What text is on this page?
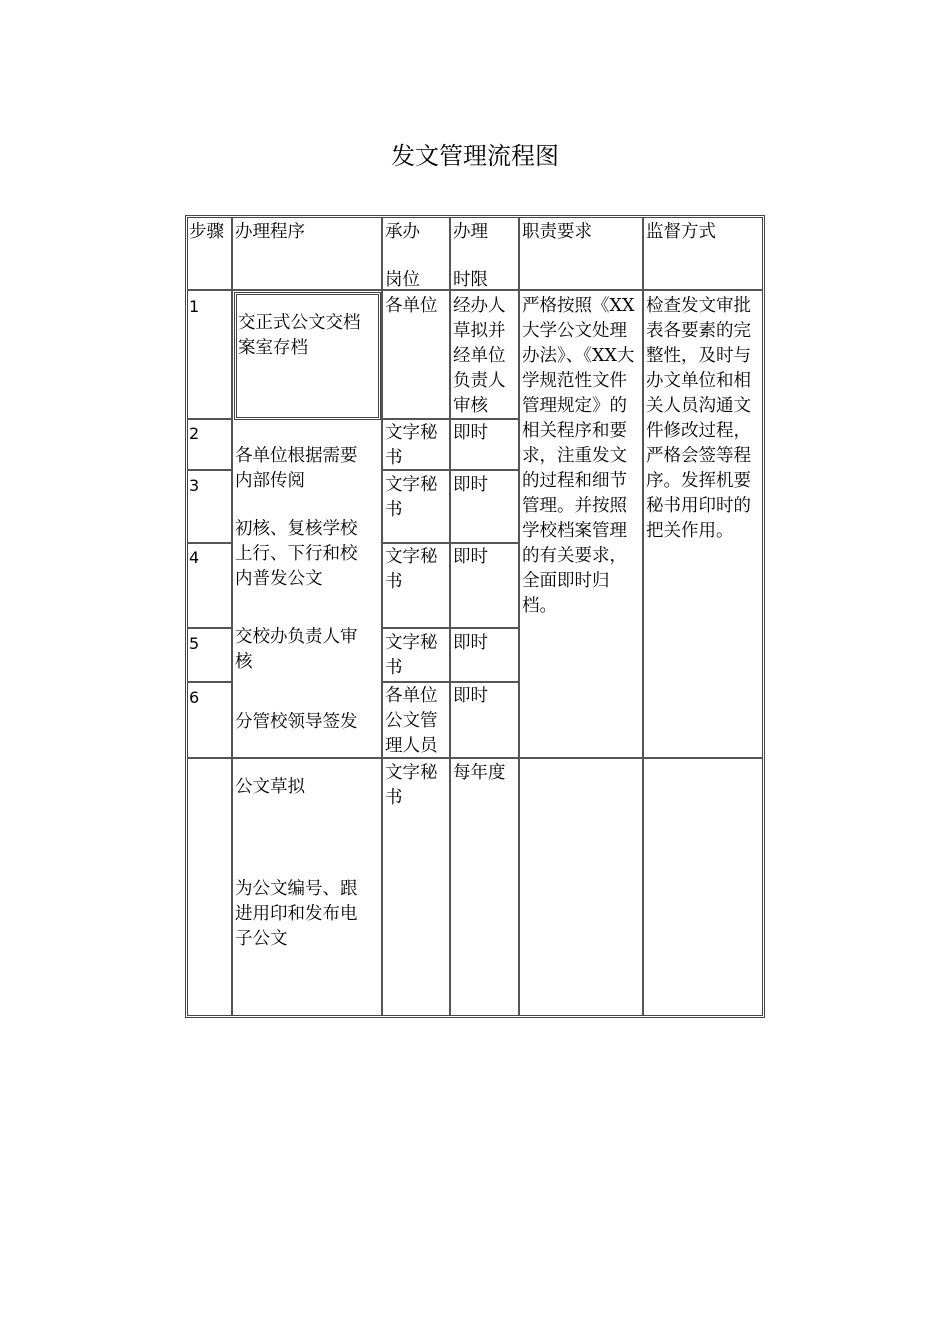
发文管理流程图
步骤 办理程序	承办

岗位
办理

时限
职责要求	监督方式
1
2
3
4
5
6
交正式公文交档案室存档
各单位根据需要内部传阅
初核、复核学校上行、下行和校内普发公文
交校办负责人审核
分管校领导签发
公文草拟
为公文编号、跟进用印和发布电子公文
各单位
文字秘书
文字秘书
文字秘书
文字秘书
各单位公文管理人员
文字秘书
经办人草拟并经单位负责人审核
即时
即时
即时
即时
即时
每年度
严格按照《XX大学公文处理办法》、《XX大学规范性文件管理规定》的相关程序和要求，注重发文的过程和细节管理。并按照学校档案管理的有关要求，全面即时归档。
检查发文审批表各要素的完整性，及时与办文单位和相关人员沟通文件修改过程，严格会签等程序。发挥机要秘书用印时的把关作用。
